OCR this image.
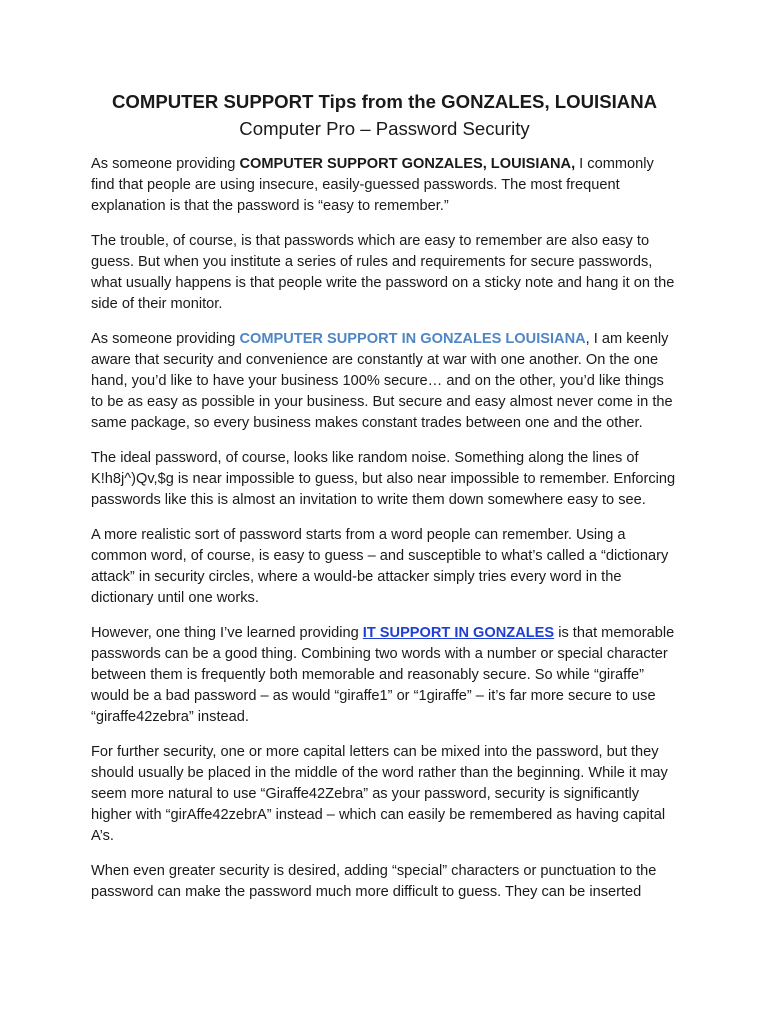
COMPUTER SUPPORT Tips from the GONZALES, LOUISIANA
Computer Pro – Password Security

As someone providing COMPUTER SUPPORT GONZALES, LOUISIANA, I commonly find that people are using insecure, easily-guessed passwords. The most frequent explanation is that the password is “easy to remember.”

The trouble, of course, is that passwords which are easy to remember are also easy to guess. But when you institute a series of rules and requirements for secure passwords, what usually happens is that people write the password on a sticky note and hang it on the side of their monitor.

As someone providing COMPUTER SUPPORT IN GONZALES LOUISIANA, I am keenly aware that security and convenience are constantly at war with one another. On the one hand, you’d like to have your business 100% secure… and on the other, you’d like things to be as easy as possible in your business. But secure and easy almost never come in the same package, so every business makes constant trades between one and the other.

The ideal password, of course, looks like random noise. Something along the lines of K!h8j^)Qv,$g is near impossible to guess, but also near impossible to remember. Enforcing passwords like this is almost an invitation to write them down somewhere easy to see.

A more realistic sort of password starts from a word people can remember. Using a common word, of course, is easy to guess – and susceptible to what’s called a “dictionary attack” in security circles, where a would-be attacker simply tries every word in the dictionary until one works.

However, one thing I’ve learned providing IT SUPPORT IN GONZALES is that memorable passwords can be a good thing. Combining two words with a number or special character between them is frequently both memorable and reasonably secure. So while “giraffe” would be a bad password – as would “giraffe1” or “1giraffe” – it’s far more secure to use “giraffe42zebra” instead.

For further security, one or more capital letters can be mixed into the password, but they should usually be placed in the middle of the word rather than the beginning. While it may seem more natural to use “Giraffe42Zebra” as your password, security is significantly higher with “girAffe42zebrA” instead – which can easily be remembered as having capital A’s.

When even greater security is desired, adding “special” characters or punctuation to the password can make the password much more difficult to guess. They can be inserted
